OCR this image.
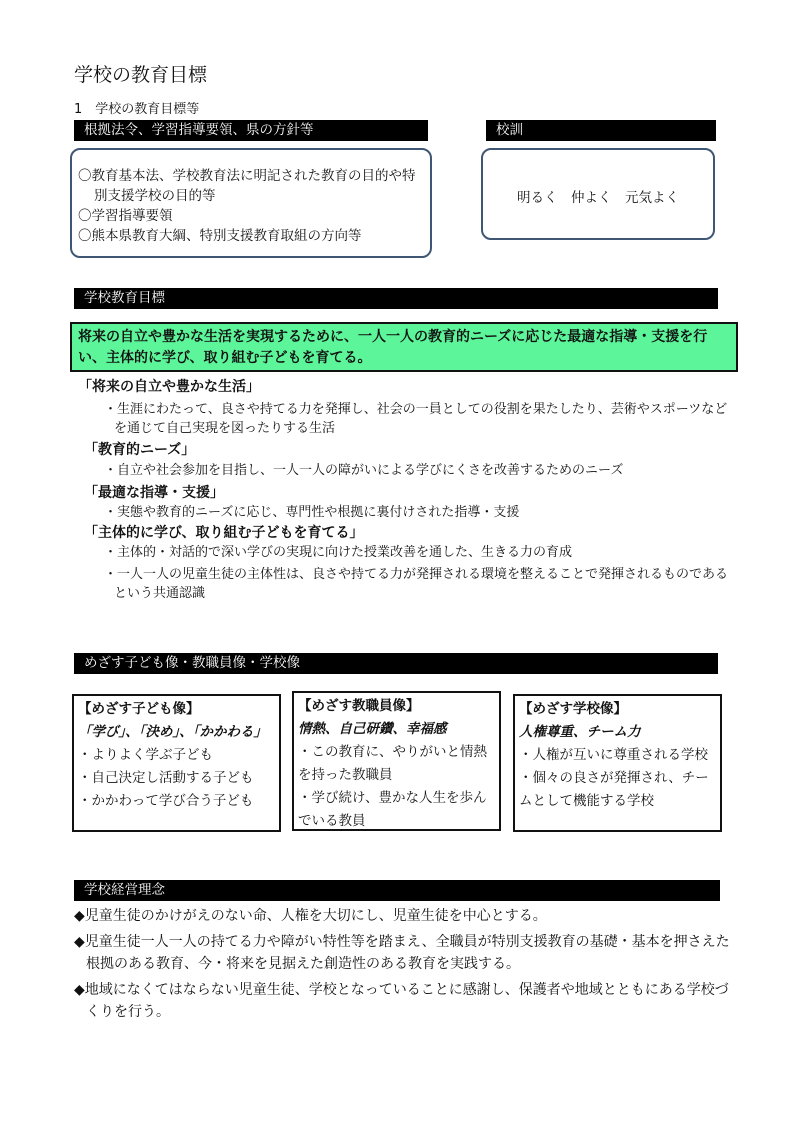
学校の教育目標
1　学校の教育目標等
根拠法令、学習指導要領、県の方針等
〇教育基本法、学校教育法に明記された教育の目的や特別支援学校の目的等
〇学習指導要領
〇熊本県教育大綱、特別支援教育取組の方向等
校訓
明るく　仲よく　元気よく
学校教育目標
将来の自立や豊かな生活を実現するために、一人一人の教育的ニーズに応じた最適な指導・支援を行い、主体的に学び、取り組む子どもを育てる。
「将来の自立や豊かな生活」
・生涯にわたって、良さや持てる力を発揮し、社会の一員としての役割を果たしたり、芸術やスポーツなどを通じて自己実現を図ったりする生活
「教育的ニーズ」
・自立や社会参加を目指し、一人一人の障がいによる学びにくさを改善するためのニーズ
「最適な指導・支援」
・実態や教育的ニーズに応じ、専門性や根拠に裏付けされた指導・支援
「主体的に学び、取り組む子どもを育てる」
・主体的・対話的で深い学びの実現に向けた授業改善を通した、生きる力の育成
・一人一人の児童生徒の主体性は、良さや持てる力が発揮される環境を整えることで発揮されるものであるという共通認識
めざす子ども像・教職員像・学校像
【めざす子ども像】
「学び」、「決め」、「かかわる」
・よりよく学ぶ子ども
・自己決定し活動する子ども
・かかわって学び合う子ども
【めざす教職員像】
情熱、自己研鑽、幸福感
・この教育に、やりがいと情熱を持った教職員
・学び続け、豊かな人生を歩んでいる教員
【めざす学校像】
人権尊重、チーム力
・人権が互いに尊重される学校
・個々の良さが発揮され、チームとして機能する学校
学校経営理念
◆児童生徒のかけがえのない命、人権を大切にし、児童生徒を中心とする。
◆児童生徒一人一人の持てる力や障がい特性等を踏まえ、全職員が特別支援教育の基礎・基本を押さえた根拠のある教育、今・将来を見据えた創造性のある教育を実践する。
◆地域になくてはならない児童生徒、学校となっていることに感謝し、保護者や地域とともにある学校づくりを行う。
